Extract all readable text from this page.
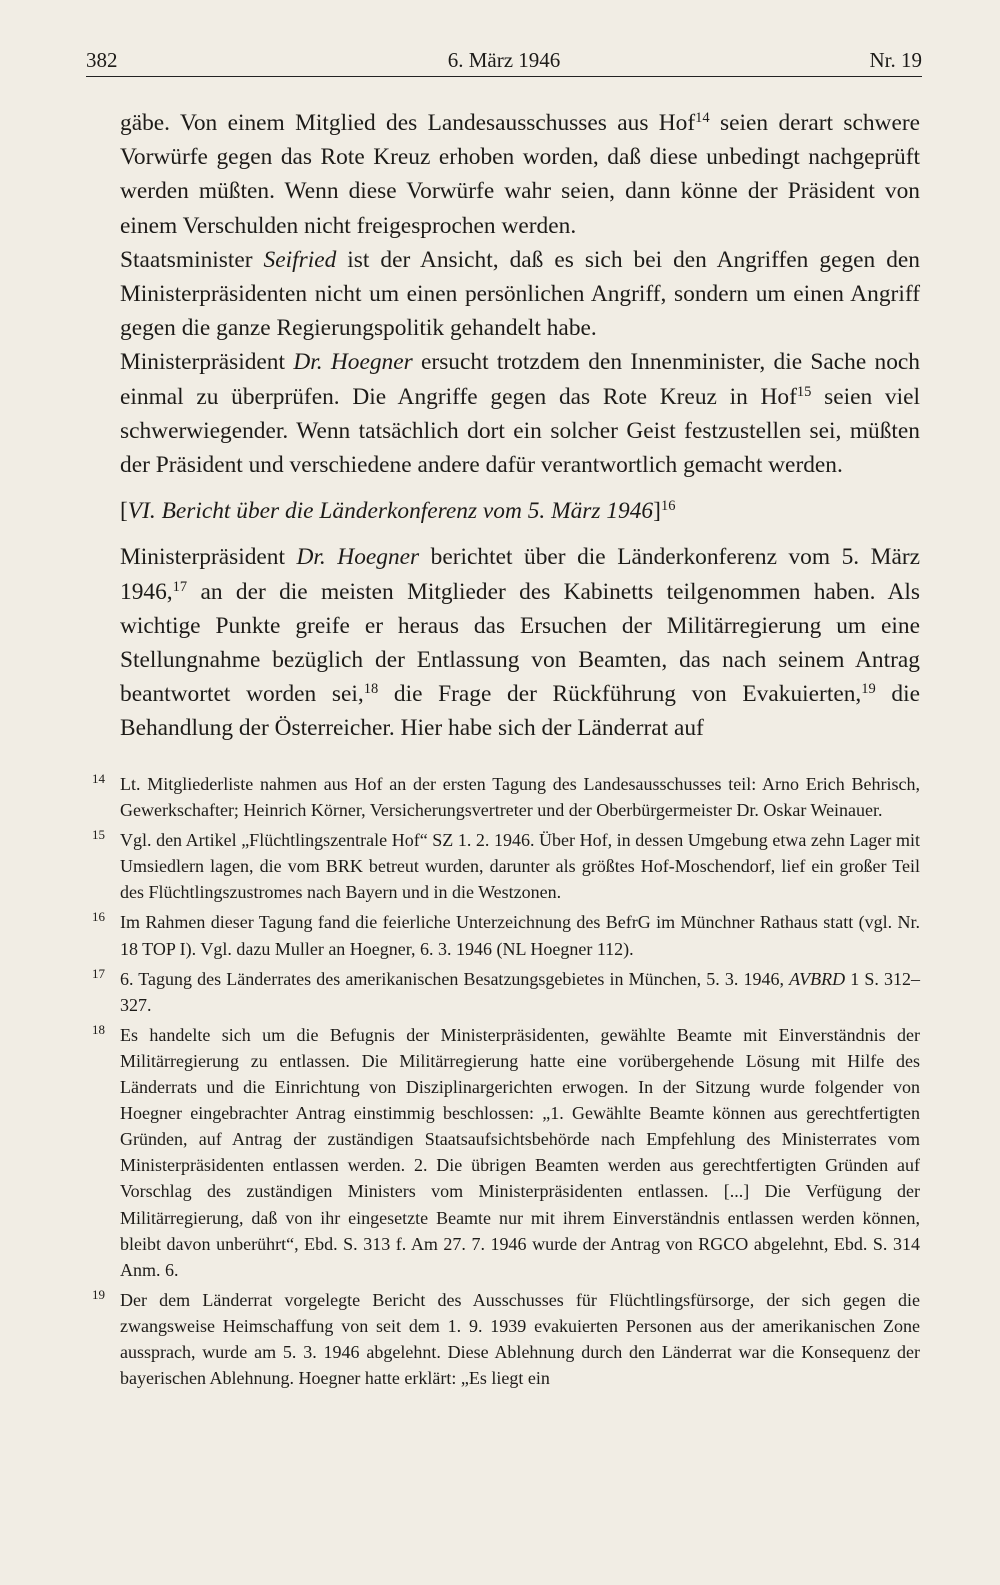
382	6. März 1946	Nr. 19

gäbe. Von einem Mitglied des Landesausschusses aus Hof$^{14}$ seien derart schwere Vorwürfe gegen das Rote Kreuz erhoben worden, daß diese unbedingt nachgeprüft werden müßten. Wenn diese Vorwürfe wahr seien, dann könne der Präsident von einem Verschulden nicht freigesprochen werden.

Staatsminister Seifried ist der Ansicht, daß es sich bei den Angriffen gegen den Ministerpräsidenten nicht um einen persönlichen Angriff, sondern um einen Angriff gegen die ganze Regierungspolitik gehandelt habe.

Ministerpräsident Dr. Hoegner ersucht trotzdem den Innenminister, die Sache noch einmal zu überprüfen. Die Angriffe gegen das Rote Kreuz in Hof$^{15}$ seien viel schwerwiegender. Wenn tatsächlich dort ein solcher Geist festzustellen sei, müßten der Präsident und verschiedene andere dafür verantwortlich gemacht werden.

[VI. Bericht über die Länderkonferenz vom 5. März 1946]$^{16}$

Ministerpräsident Dr. Hoegner berichtet über die Länderkonferenz vom 5. März 1946,17 an der die meisten Mitglieder des Kabinetts teilgenommen haben. Als wichtige Punkte greife er heraus das Ersuchen der Militärregierung um eine Stellungnahme bezüglich der Entlassung von Beamten, das nach seinem Antrag beantwortet worden sei,$^{18}$ die Frage der Rückführung von Evakuierten,$^{19}$ die Behandlung der Österreicher. Hier habe sich der Länderrat auf

14 Lt. Mitgliederliste nahmen aus Hof an der ersten Tagung des Landesausschusses teil: Arno Erich Behrisch, Gewerkschafter; Heinrich Körner, Versicherungsvertreter und der Oberbürgermeister Dr. Oskar Weinauer.
15 Vgl. den Artikel „Flüchtlingszentrale Hof“ SZ 1. 2. 1946. Über Hof, in dessen Umgebung etwa zehn Lager mit Umsiedlern lagen, die vom BRK betreut wurden, darunter als größtes Hof-Moschendorf, lief ein großer Teil des Flüchtlingszustromes nach Bayern und in die Westzonen.
16 Im Rahmen dieser Tagung fand die feierliche Unterzeichnung des BefrG im Münchner Rathaus statt (vgl. Nr. 18 TOP I). Vgl. dazu Muller an Hoegner, 6. 3. 1946 (NL Hoegner 112).
17 6. Tagung des Länderrates des amerikanischen Besatzungsgebietes in München, 5. 3. 1946, AVBRD 1 S. 312–327.
18 Es handelte sich um die Befugnis der Ministerpräsidenten, gewählte Beamte mit Einverständnis der Militärregierung zu entlassen. Die Militärregierung hatte eine vorübergehende Lösung mit Hilfe des Länderrats und die Einrichtung von Disziplinargerichten erwogen. In der Sitzung wurde folgender von Hoegner eingebrachter Antrag einstimmig beschlossen: „1. Gewählte Beamte können aus gerechtfertigten Gründen, auf Antrag der zuständigen Staatsaufsichtsbehörde nach Empfehlung des Ministerrates vom Ministerpräsidenten entlassen werden. 2. Die übrigen Beamten werden aus gerechtfertigten Gründen auf Vorschlag des zuständigen Ministers vom Ministerpräsidenten entlassen. [...] Die Verfügung der Militärregierung, daß von ihr eingesetzte Beamte nur mit ihrem Einverständnis entlassen werden können, bleibt davon unberührt“, Ebd. S. 313 f. Am 27. 7. 1946 wurde der Antrag von RGCO abgelehnt, Ebd. S. 314 Anm. 6.
19 Der dem Länderrat vorgelegte Bericht des Ausschusses für Flüchtlingsfürsorge, der sich gegen die zwangsweise Heimschaffung von seit dem 1. 9. 1939 evakuierten Personen aus der amerikanischen Zone aussprach, wurde am 5. 3. 1946 abgelehnt. Diese Ablehnung durch den Länderrat war die Konsequenz der bayerischen Ablehnung. Hoegner hatte erklärt: „Es liegt ein
